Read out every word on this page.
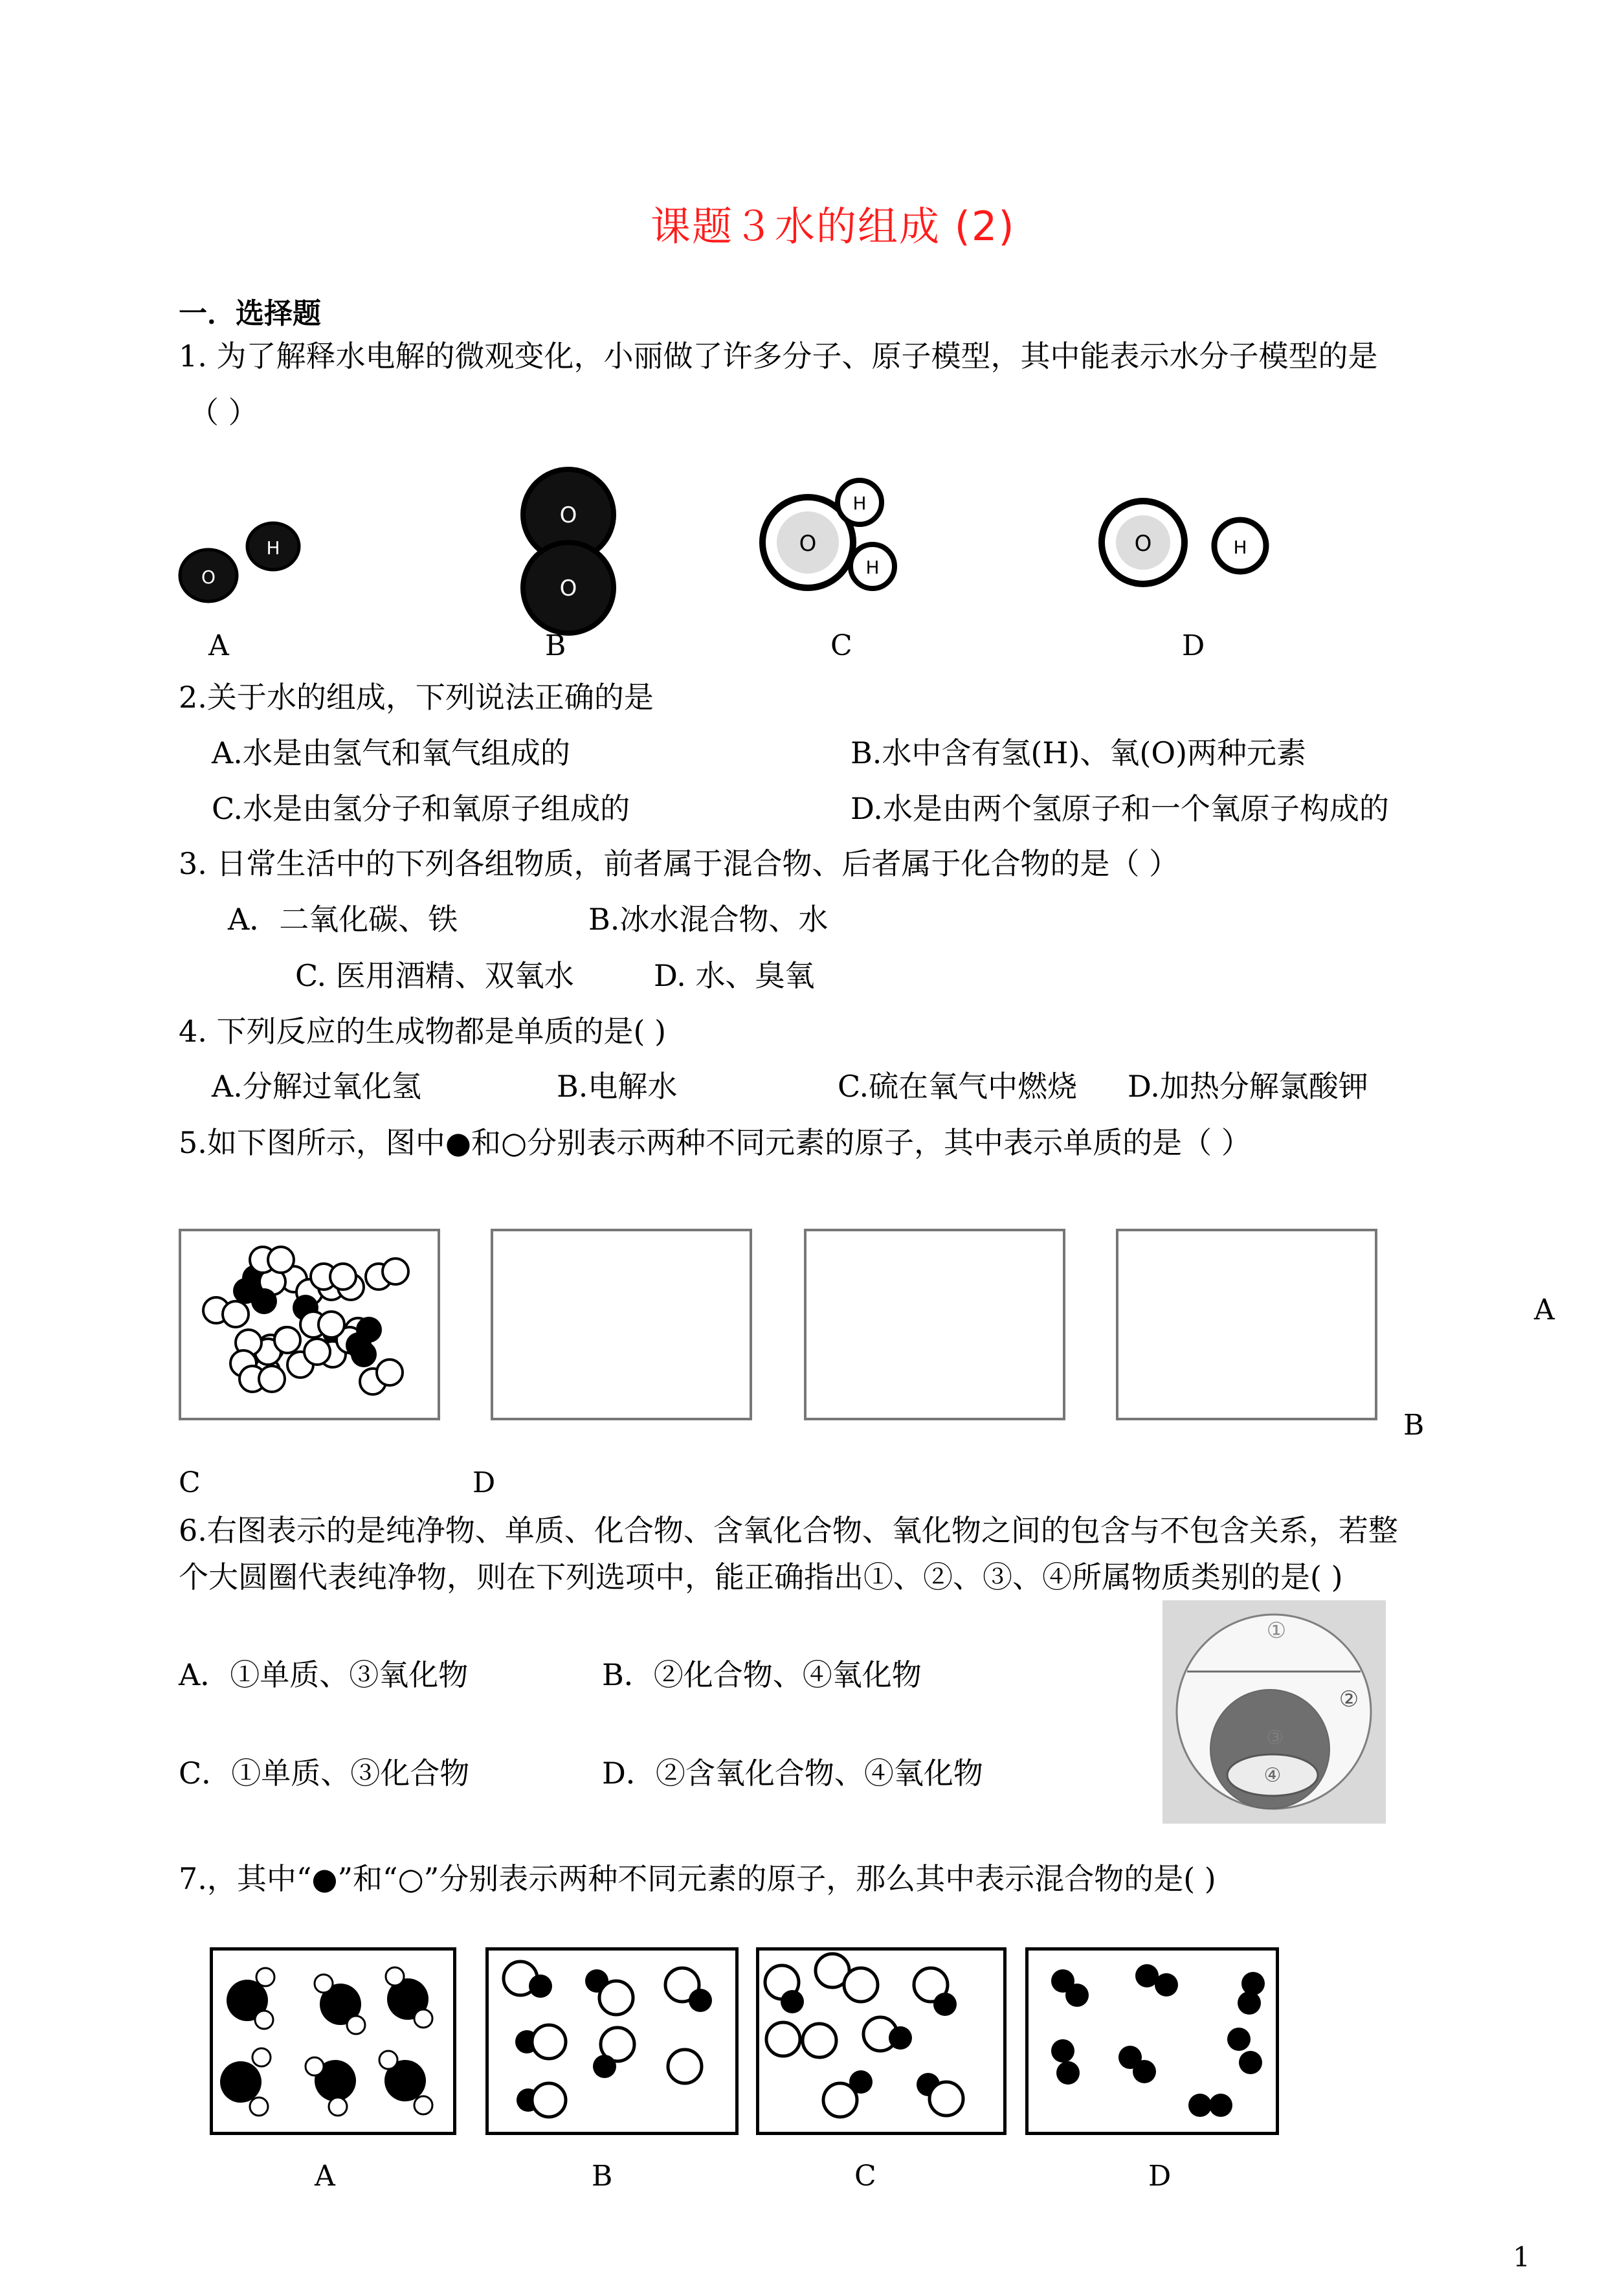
课题３水的组成 (2)
一．选择题
1. 为了解释水电解的微观变化，小丽做了许多分子、原子模型，其中能表示水分子模型的是
（ ）
O
H
O
O
O
H
H
O	H
A	B	C	D
2.关于水的组成，下列说法正确的是
A.水是由氢气和氧气组成的	B.水中含有氢(H)、氧(O)两种元素
C.水是由氢分子和氧原子组成的	D.水是由两个氢原子和一个氧原子构成的
3. 日常生活中的下列各组物质，前者属于混合物、后者属于化合物的是（ ）
A．二氧化碳、铁	B.冰水混合物、水
C. 医用酒精、双氧水	D. 水、臭氧
4. 下列反应的生成物都是单质的是( )
A.分解过氧化氢	B.电解水	C.硫在氧气中燃烧 D.加热分解氯酸钾
5.如下图所示，图中●和○分别表示两种不同元素的原子，其中表示单质的是（ ）
A
B
C	D
6.右图表示的是纯净物、单质、化合物、含氧化合物、氧化物之间的包含与不包含关系，若整
个大圆圈代表纯净物，则在下列选项中，能正确指出①、②、③、④所属物质类别的是( )
A．①单质、③氧化物	B．②化合物、④氧化物
C．①单质、③化合物	D．②含氧化合物、④氧化物
①
②
③
④
7.，其中“●”和“○”分别表示两种不同元素的原子，那么其中表示混合物的是( )
A	B	C	D
1
